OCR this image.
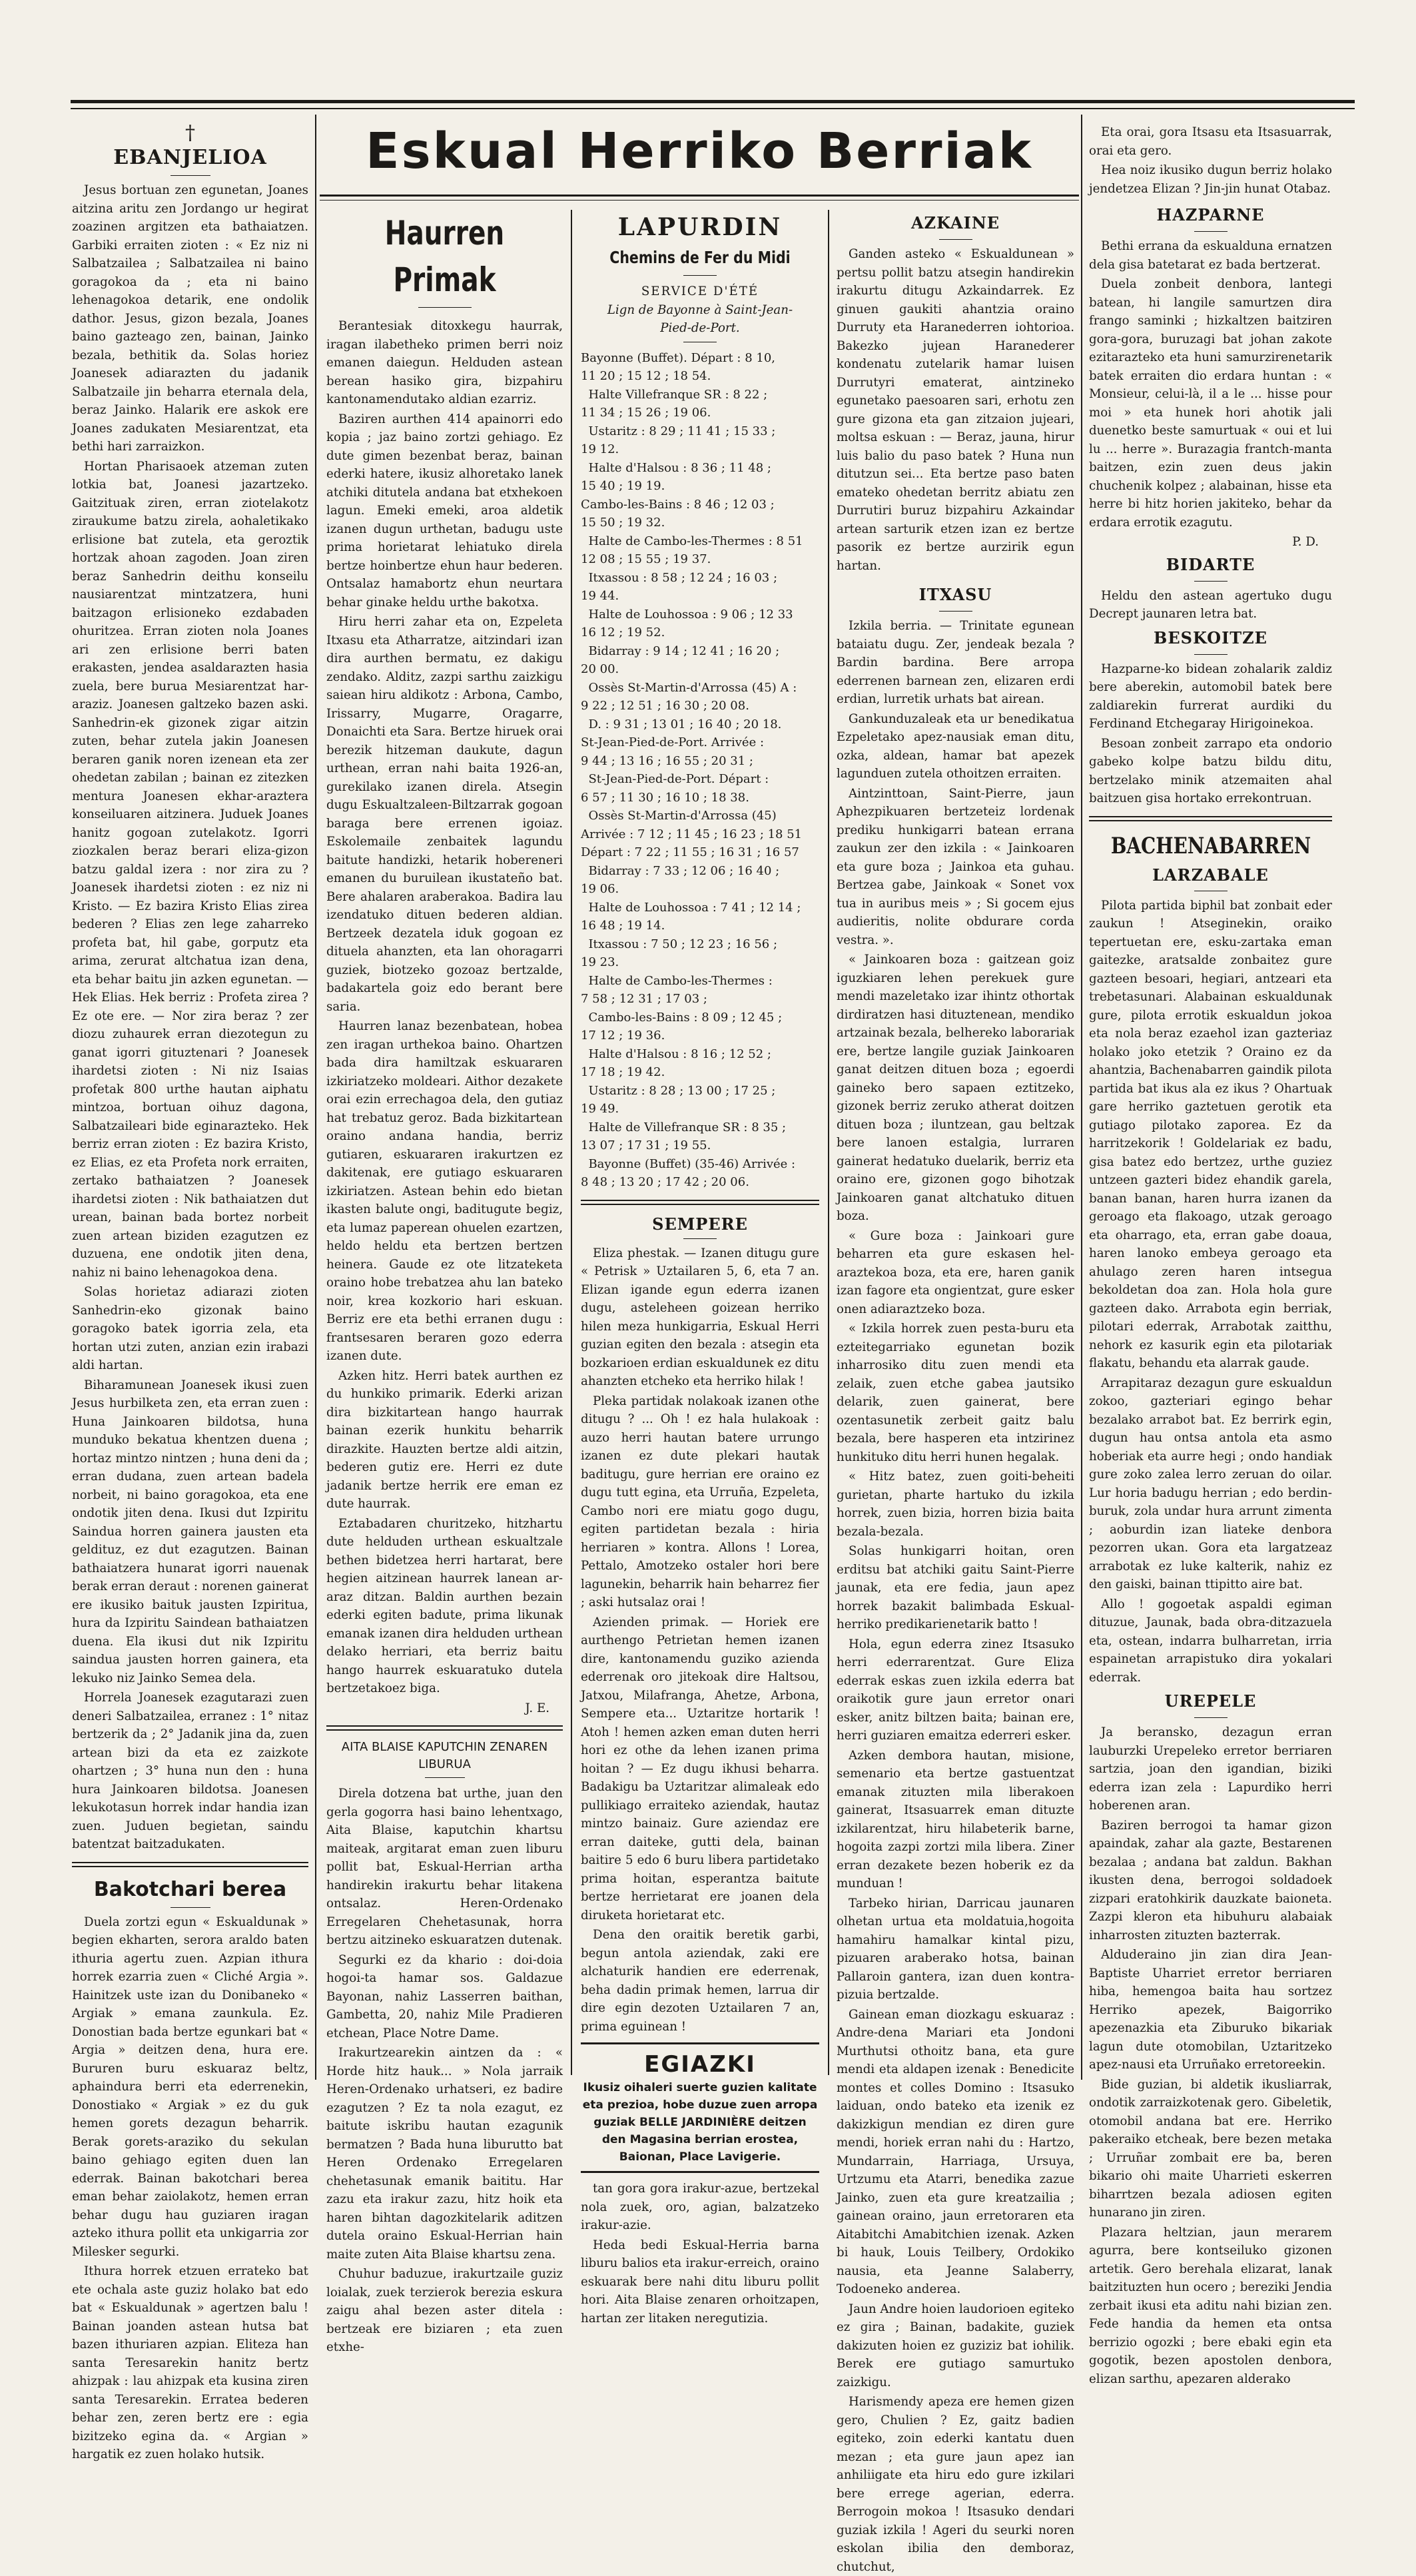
Eskual Herriko Berriak
†
EBANJELIOA

Jesus bortuan zen egunetan, Joanes aitzina aritu zen Jordango ur hegirat zoazinen argitzen eta bathaiatzen. Garbiki erraiten zioten : « Ez niz ni Salbatzailea ; Salbatzailea ni baino goragokoa da ; eta ni baino lehenagokoa detarik, ene ondolik dathor. Jesus, gizon bezala, Joanes baino gazteago zen, bainan, Jainko bezala, bethitik da. Solas horiez Joanesek adiarazten du jadanik Salbatzaile jin beharra eternala dela, beraz Jainko. Halarik ere askok ere Joanes zadukaten Mesiarentzat, eta bethi hari zarraizkon.

Hortan Pharisaoek atzeman zuten lotkia bat, Joanesi jazartzeko. Gaitzituak ziren, erran ziotelakotz ziraukume batzu zirela, aohaletikako erlisione bat zutela, eta geroztik hortzak ahoan zagoden. Joan ziren beraz Sanhedrin deithu konseilu nausiarentzat mintzatzera, huni baitzagon erlisioneko ezdabaden ohuritzea. Erran zioten nola Joanes ari zen erlisione berri baten erakasten, jendea asaldarazten hasia zuela, bere burua Mesiarentzat har-araziz. Joanesen galtzeko bazen aski. Sanhedrin-ek gizonek zigar aitzin zuten, behar zutela jakin Joanesen beraren ganik noren izenean eta zer ohedetan zabilan ; bainan ez zitezken mentura Joanesen ekhar-araztera konseiluaren aitzinera. Juduek Joanes hanitz gogoan zutelakotz. Igorri ziozkalen beraz berari eliza-gizon batzu galdal izera : nor zira zu ? Joanesek ihardetsi zioten : ez niz ni Kristo. — Ez bazira Kristo Elias zirea bederen ? Elias zen lege zaharreko profeta bat, hil gabe, gorputz eta arima, zerurat altchatua izan dena, eta behar baitu jin azken egunetan. — Hek Elias. Hek berriz : Profeta zirea ? Ez ote ere. — Nor zira beraz ? zer diozu zuhaurek erran diezotegun zu ganat igorri gituztenari ? Joanesek ihardetsi zioten : Ni niz Isaias profetak 800 urthe hautan aiphatu mintzoa, bortuan oihuz dagona, Salbatzaileari bide eginarazteko. Hek berriz erran zioten : Ez bazira Kristo, ez Elias, ez eta Profeta nork erraiten, zertako bathaiatzen ? Joanesek ihardetsi zioten : Nik bathaiatzen dut urean, bainan bada bortez norbeit zuen artean biziden ezagutzen ez duzuena, ene ondotik jiten dena, nahiz ni baino lehenagokoa dena.

Solas horietaz adiarazi zioten Sanhedrin-eko gizonak baino goragoko batek igorria zela, eta hortan utzi zuten, anzian ezin irabazi aldi hartan.

Biharamunean Joanesek ikusi zuen Jesus hurbilketa zen, eta erran zuen : Huna Jainkoaren bildotsa, huna munduko bekatua khentzen duena ; hortaz mintzo nintzen ; huna deni da ; erran dudana, zuen artean badela norbeit, ni baino goragokoa, eta ene ondotik jiten dena. Ikusi dut Izpiritu Saindua horren gainera jausten eta geldituz, ez dut ezagutzen. Bainan bathaiatzera hunarat igorri nauenak berak erran deraut : norenen gainerat ere ikusiko baituk jausten Izpiritua, hura da Izpiritu Saindean bathaiatzen duena. Ela ikusi dut nik Izpiritu saindua jausten horren gainera, eta lekuko niz Jainko Semea dela.

Horrela Joanesek ezagutarazi zuen deneri Salbatzailea, erranez : 1° nitaz bertzerik da ; 2° Jadanik jina da, zuen artean bizi da eta ez zaizkote ohartzen ; 3° huna nun den : huna hura Jainkoaren bildotsa. Joanesen lekukotasun horrek indar handia izan zuen. Juduen begietan, saindu batentzat baitzadukaten.

Bakotchari berea

Duela zortzi egun « Eskualdunak » begien ekharten, serora araldo baten ithuria agertu zuen. Azpian ithura horrek ezarria zuen « Cliché Argia ». Hainitzek uste izan du Donibaneko « Argiak » emana zaunkula. Ez. Donostian bada bertze egunkari bat « Argia » deitzen dena, hura ere. Bururen buru eskuaraz beltz, aphaindura berri eta ederrenekin, Donostiako « Argiak » ez du guk hemen gorets dezagun beharrik. Berak gorets-araziko du sekulan baino gehiago egiten duen lan ederrak. Bainan bakotchari berea eman behar zaiolakotz, hemen erran behar dugu hau guziaren iragan azteko ithura pollit eta unkigarria zor Milesker segurki.

Ithura horrek etzuen errateko bat ete ochala aste guziz holako bat edo bat « Eskualdunak » agertzen balu ! Bainan joanden astean hutsa bat bazen ithuriaren azpian. Eliteza han santa Teresarekin hanitz bertz ahizpak : lau ahizpak eta kusina ziren santa Teresarekin. Erratea bederen behar zen, zeren bertz ere : egia bizitzeko egina da. « Argian » hargatik ez zuen holako hutsik.

Haurren Primak

Berantesiak ditoxkegu haurrak, iragan ilabetheko primen berri noiz emanen daiegun. Helduden astean berean hasiko gira, bizpahiru kantonamendutako aldian ezarriz.

Baziren aurthen 414 apainorri edo kopia ; jaz baino zortzi gehiago. Ez dute gimen bezenbat beraz, bainan ederki hatere, ikusiz alhoretako lanek atchiki ditutela andana bat etxhekoen lagun. Emeki emeki, aroa aldetik izanen dugun urthetan, badugu uste prima horietarat lehiatuko direla bertze hoinbertze ehun haur bederen. Ontsalaz hamabortz ehun neurtara behar ginake heldu urthe bakotxa.

Hiru herri zahar eta on, Ezpeleta Itxasu eta Atharratze, aitzindari izan dira aurthen bermatu, ez dakigu zendako. Alditz, zazpi sarthu zaizkigu saiean hiru aldikotz : Arbona, Cambo, Irissarry, Mugarre, Oragarre, Donaichti eta Sara. Bertze hiruek orai berezik hitzeman daukute, dagun urthean, erran nahi baita 1926-an, gurekilako izanen direla. Atsegin dugu Eskualtzaleen-Biltzarrak gogoan baraga bere errenen igoiaz. Eskolemaile zenbaitek lagundu baitute handizki, hetarik hobereneri emanen du buruilean ikustateño bat. Bere ahalaren araberakoa. Badira lau izendatuko dituen bederen aldian. Bertzeek dezatela iduk gogoan ez dituela ahanzten, eta lan ohoragarri guziek, biotzeko gozoaz bertzalde, badakartela goiz edo berant bere saria.

Haurren lanaz bezenbatean, hobea zen iragan urthekoa baino. Ohartzen bada dira hamiltzak eskuararen izkiriatzeko moldeari. Aithor dezakete orai ezin errechagoa dela, den gutiaz hat trebatuz geroz. Bada bizkitartean oraino andana handia, berriz gutiaren, eskuararen irakurtzen ez dakitenak, ere gutiago eskuararen izkiriatzen. Astean behin edo bietan ikasten balute ongi, baditugute begiz, eta lumaz paperean ohuelen ezartzen, heldo heldu eta bertzen bertzen heinera. Gaude ez ote litzateketa oraino hobe trebatzea ahu lan bateko noir, krea kozkorio hari eskuan. Berriz ere eta bethi erranen dugu : frantsesaren beraren gozo ederra izanen dute.

Azken hitz. Herri batek aurthen ez du hunkiko primarik. Ederki arizan dira bizkitartean hango haurrak bainan ezerik hunkitu beharrik dirazkite. Hauzten bertze aldi aitzin, bederen gutiz ere. Herri ez dute jadanik bertze herrik ere eman ez dute haurrak.

Eztabadaren churitzeko, hitzhartu dute helduden urthean eskualtzale bethen bidetzea herri hartarat, bere hegien aitzinean haurrek lanean ar-araz ditzan. Baldin aurthen bezain ederki egiten badute, prima likunak emanak izanen dira helduden urthean delako herriari, eta berriz baitu hango haurrek eskuaratuko dutela bertzetakoez biga.

J. E.
AITA BLAISE KAPUTCHIN ZENAREN LIBURUA

Direla dotzena bat urthe, juan den gerla gogorra hasi baino lehentxago, Aita Blaise, kaputchin khartsu maiteak, argitarat eman zuen liburu pollit bat, Eskual-Herrian artha handirekin irakurtu behar litakena ontsalaz. Heren-Ordenako Erregelaren Chehetasunak, horra bertzu aitzineko eskuaratzen dutenak.

Segurki ez da khario : doi-doia hogoi-ta hamar sos. Galdazue Bayonan, nahiz Lasserren baithan, Gambetta, 20, nahiz Mile Pradieren etchean, Place Notre Dame.

Irakurtzearekin aintzen da : « Horde hitz hauk... » Nola jarraik Heren-Ordenako urhatseri, ez badire ezagutzen ? Ez ta nola ezagut, ez baitute iskribu hautan ezagunik bermatzen ? Bada huna liburutto bat Heren Ordenako Erregelaren chehetasunak emanik baititu. Har zazu eta irakur zazu, hitz hoik eta haren bihtan dagozkitelarik aditzen dutela oraino Eskual-Herrian hain maite zuten Aita Blaise khartsu zena.

Chuhur baduzue, irakurtzaile guziz loialak, zuek terzierok berezia eskura zaigu ahal bezen aster ditela : bertzeak ere biziaren ; eta zuen etxhe-

LAPURDIN
Chemins de Fer du Midi
SERVICE D'ÉTÉ
Lign de Bayonne à Saint-Jean-Pied-de-Port.
Bayonne (Buffet). Départ : 8 10,
11 20 ; 15 12 ; 18 54.
Halte Villefranque SR : 8 22 ;
11 34 ; 15 26 ; 19 06.
Ustaritz : 8 29 ; 11 41 ; 15 33 ;
19 12.
Halte d'Halsou : 8 36 ; 11 48 ;
15 40 ; 19 19.
Cambo-les-Bains : 8 46 ; 12 03 ;
15 50 ; 19 32.
Halte de Cambo-les-Thermes : 8 51
12 08 ; 15 55 ; 19 37.
Itxassou : 8 58 ; 12 24 ; 16 03 ;
19 44.
Halte de Louhossoa : 9 06 ; 12 33
16 12 ; 19 52.
Bidarray : 9 14 ; 12 41 ; 16 20 ;
20 00.
Ossès St-Martin-d'Arrossa (45) A :
9 22 ; 12 51 ; 16 30 ; 20 08.
D. : 9 31 ; 13 01 ; 16 40 ; 20 18.
St-Jean-Pied-de-Port. Arrivée :
9 44 ; 13 16 ; 16 55 ; 20 31 ;
St-Jean-Pied-de-Port. Départ :
6 57 ; 11 30 ; 16 10 ; 18 38.
Ossès St-Martin-d'Arrossa (45)
Arrivée : 7 12 ; 11 45 ; 16 23 ; 18 51
Départ : 7 22 ; 11 55 ; 16 31 ; 16 57
Bidarray : 7 33 ; 12 06 ; 16 40 ;
19 06.
Halte de Louhossoa : 7 41 ; 12 14 ;
16 48 ; 19 14.
Itxassou : 7 50 ; 12 23 ; 16 56 ;
19 23.
Halte de Cambo-les-Thermes :
7 58 ; 12 31 ; 17 03 ;
Cambo-les-Bains : 8 09 ; 12 45 ;
17 12 ; 19 36.
Halte d'Halsou : 8 16 ; 12 52 ;
17 18 ; 19 42.
Ustaritz : 8 28 ; 13 00 ; 17 25 ;
19 49.
Halte de Villefranque SR : 8 35 ;
13 07 ; 17 31 ; 19 55.
Bayonne (Buffet) (35-46) Arrivée :
8 48 ; 13 20 ; 17 42 ; 20 06.
SEMPERE

Eliza phestak. — Izanen ditugu gure « Petrisk » Uztailaren 5, 6, eta 7 an. Elizan igande egun ederra izanen dugu, asteleheen goizean herriko hilen meza hunkigarria, Eskual Herri guzian egiten den bezala : atsegin eta bozkarioen erdian eskualdunek ez ditu ahanzten etcheko eta herriko hilak !

Pleka partidak nolakoak izanen othe ditugu ? ... Oh ! ez hala hulakoak : auzo herri hautan batere urrungo izanen ez dute plekari hautak baditugu, gure herrian ere oraino ez dugu tutt egina, eta Urruña, Ezpeleta, Cambo nori ere miatu gogo dugu, egiten partidetan bezala : hiria herriaren » kontra. Allons ! Lorea, Pettalo, Amotzeko ostaler hori bere lagunekin, beharrik hain beharrez fier ; aski hutsalaz orai !

Azienden primak. — Horiek ere aurthengo Petrietan hemen izanen dire, kantonamendu guziko azienda ederrenak oro jitekoak dire Haltsou, Jatxou, Milafranga, Ahetze, Arbona, Sempere eta... Uztaritze hortarik ! Atoh ! hemen azken eman duten herri hori ez othe da lehen izanen prima hoitan ? — Ez dugu ikhusi beharra. Badakigu ba Uztaritzar alimaleak edo pullikiago erraiteko aziendak, hautaz mintzo bainaiz. Gure aziendaz ere erran daiteke, gutti dela, bainan baitire 5 edo 6 buru libera partidetako prima hoitan, esperantza baitute bertze herrietarat ere joanen dela diruketa horietarat etc.

Dena den oraitik beretik garbi, begun antola aziendak, zaki ere alchaturik handien ere ederrenak, beha dadin primak hemen, larrua dir dire egin dezoten Uztailaren 7 an, prima eguinean !

EGIAZKI
Ikusiz oihaleri suerte guzien kalitate eta prezioa, hobe duzue zuen arropa guziak BELLE JARDINIÈRE deitzen den Magasina berrian erostea, Baionan, Place Lavigerie.

tan gora gora irakur-azue, bertzekal nola zuek, oro, agian, balzatzeko irakur-azie.

Heda bedi Eskual-Herria barna liburu balios eta irakur-erreich, oraino eskuarak bere nahi ditu liburu pollit hori. Aita Blaise zenaren orhoitzapen, hartan zer litaken neregutizia.

AZKAINE

Ganden asteko « Eskualdunean » pertsu pollit batzu atsegin handirekin irakurtu ditugu Azkaindarrek. Ez ginuen gaukiti ahantzia oraino Durruty eta Haranederren iohtorioa. Bakezko jujean Haranederer kondenatu zutelarik hamar luisen Durrutyri ematerat, aintzineko egunetako paesoaren sari, erhotu zen gure gizona eta gan zitzaion jujeari, moltsa eskuan : — Beraz, jauna, hirur luis balio du paso batek ? Huna nun ditutzun sei... Eta bertze paso baten emateko ohedetan berritz abiatu zen Durrutiri buruz bizpahiru Azkaindar artean sarturik etzen izan ez bertze pasorik ez bertze aurzirik egun hartan.

ITXASU

Izkila berria. — Trinitate egunean bataiatu dugu. Zer, jendeak bezala ? Bardin bardina. Bere arropa ederrenen barnean zen, elizaren erdi erdian, lurretik urhats bat airean.

Gankunduzaleak eta ur benedikatua Ezpeletako apez-nausiak eman ditu, ozka, aldean, hamar bat apezek lagunduen zutela othoitzen erraiten.

Aintzinttoan, Saint-Pierre, jaun Aphezpikuaren bertzeteiz lordenak prediku hunkigarri batean errana zaukun zer den izkila : « Jainkoaren eta gure boza ; Jainkoa eta guhau. Bertzea gabe, Jainkoak « Sonet vox tua in auribus meis » ; Si gocem ejus audieritis, nolite obdurare corda vestra. ».

« Jainkoaren boza : gaitzean goiz iguzkiaren lehen perekuek gure mendi mazeletako izar ihintz othortak dirdiratzen hasi dituztenean, mendiko artzainak bezala, belhereko laborariak ere, bertze langile guziak Jainkoaren ganat deitzen dituen boza ; egoerdi gaineko bero sapaen eztitzeko, gizonek berriz zeruko atherat doitzen dituen boza ; iluntzean, gau beltzak bere lanoen estalgia, lurraren gainerat hedatuko duelarik, berriz eta oraino ere, gizonen gogo bihotzak Jainkoaren ganat altchatuko dituen boza.

« Gure boza : Jainkoari gure beharren eta gure eskasen hel-araztekoa boza, eta ere, haren ganik izan fagore eta ongientzat, gure esker onen adiaraztzeko boza.

« Izkila horrek zuen pesta-buru eta ezteitegarriako egunetan bozik inharrosiko ditu zuen mendi eta zelaik, zuen etche gabea jautsiko delarik, zuen gainerat, bere ozentasunetik zerbeit gaitz balu bezala, bere hasperen eta intzirinez hunkituko ditu herri hunen hegalak.

« Hitz batez, zuen goiti-beheiti gurietan, pharte hartuko du izkila horrek, zuen bizia, horren bizia baita bezala-bezala.

Solas hunkigarri hoitan, oren erditsu bat atchiki gaitu Saint-Pierre jaunak, eta ere fedia, jaun apez horrek bazakit balimbada Eskual-herriko predikarienetarik batto !

Hola, egun ederra zinez Itsasuko herri ederrarentzat. Gure Eliza ederrak eskas zuen izkila ederra bat oraikotik gure jaun erretor onari esker, anitz biltzen baita; bainan ere, herri guziaren emaitza ederreri esker.

Azken dembora hautan, misione, semenario eta bertze gastuentzat emanak zituzten mila liberakoen gainerat, Itsasuarrek eman dituzte izkilarentzat, hiru hilabeterik barne, hogoita zazpi zortzi mila libera. Ziner erran dezakete bezen hoberik ez da munduan !

Tarbeko hirian, Darricau jaunaren olhetan urtua eta moldatuia,hogoita hamahiru hamalkar kintal pizu, pizuaren araberako hotsa, bainan Pallaroin gantera, izan duen kontra-pizuia bertzalde.

Gainean eman diozkagu eskuaraz : Andre-dena Mariari eta Jondoni Murthutsi othoitz bana, eta gure mendi eta aldapen izenak : Benedicite montes et colles Domino : Itsasuko laiduan, ondo bateko eta izenik ez dakizkigun mendian ez diren gure mendi, horiek erran nahi du : Hartzo, Mundarrain, Harriaga, Ursuya, Urtzumu eta Atarri, benedika zazue Jainko, zuen eta gure kreatzailia ; gainean oraino, jaun erretoraren eta Aitabitchi Amabitchien izenak. Azken bi hauk, Louis Teilbery, Ordokiko nausia, eta Jeanne Salaberry, Todoeneko anderea.

Jaun Andre hoien laudorioen egiteko ez gira ; Bainan, badakite, guziek dakizuten hoien ez guziziz bat iohilik. Berek ere gutiago samurtuko zaizkigu.

Harismendy apeza ere hemen gizen gero, Chulien ? Ez, gaitz badien egiteko, zoin ederki kantatu duen mezan ; eta gure jaun apez ian anhiliigate eta hiru edo gure izkilari bere errege agerian, ederra. Berrogoin mokoa ! Itsasuko dendari guziak izkila ! Ageri du seurki noren eskolan ibilia den demboraz, chutchut,

Eta orai, gora Itsasu eta Itsasuarrak, orai eta gero.

Hea noiz ikusiko dugun berriz holako jendetzea Elizan ? Jin-jin hunat Otabaz.

HAZPARNE

Bethi errana da eskualduna ernatzen dela gisa batetarat ez bada bertzerat.

Duela zonbeit denbora, lantegi batean, hi langile samurtzen dira frango saminki ; hizkaltzen baitziren gora-gora, buruzagi bat johan zakote ezitarazteko eta huni samurzirenetarik batek erraiten dio erdara huntan : « Monsieur, celui-là, il a le ... hisse pour moi » eta hunek hori ahotik jali duenetko beste samurtuak « oui et lui lu ... herre ». Burazagia frantch-manta baitzen, ezin zuen deus jakin chuchenik kolpez ; alabainan, hisse eta herre bi hitz horien jakiteko, behar da erdara errotik ezagutu.

P. D.
BIDARTE

Heldu den astean agertuko dugu Decrept jaunaren letra bat.

BESKOITZE

Hazparne-ko bidean zohalarik zaldiz bere aberekin, automobil batek bere zaldiarekin furrerat aurdiki du Ferdinand Etchegaray Hirigoinekoa.

Besoan zonbeit zarrapo eta ondorio gabeko kolpe batzu bildu ditu, bertzelako minik atzemaiten ahal baitzuen gisa hortako errekontruan.

BACHENABARREN
LARZABALE

Pilota partida biphil bat zonbait eder zaukun ! Atseginekin, oraiko tepertuetan ere, esku-zartaka eman gaitezke, aratsalde zonbaitez gure gazteen besoari, hegiari, antzeari eta trebetasunari. Alabainan eskualdunak gure, pilota errotik eskualdun jokoa eta nola beraz ezaehol izan gazteriaz holako joko etetzik ? Oraino ez da ahantzia, Bachenabarren gaindik pilota partida bat ikus ala ez ikus ? Ohartuak gare herriko gaztetuen gerotik eta gutiago pilotako zaporea. Ez da harritzekorik ! Goldelariak ez badu, gisa batez edo bertzez, urthe guziez untzeen gazteri bidez ehandik garela, banan banan, haren hurra izanen da geroago eta flakoago, utzak geroago eta oharrago, eta, erran gabe doaua, haren lanoko embeya geroago eta ahulago zeren haren intsegua bekoldetan doa zan. Hola hola gure gazteen dako. Arrabota egin berriak, pilotari ederrak, Arrabotak zaitthu, nehork ez kasurik egin eta pilotariak flakatu, behandu eta alarrak gaude.

Arrapitaraz dezagun gure eskualdun zokoo, gazteriari egingo behar bezalako arrabot bat. Ez berrirk egin, dugun hau ontsa antola eta asmo hoberiak eta aurre hegi ; ondo handiak gure zoko zalea lerro zeruan do oilar. Lur horia badugu herrian ; edo berdin-buruk, zola undar hura arrunt zimenta ; aoburdin izan liateke denbora pezorren ukan. Gora eta largatzeaz arrabotak ez luke kalterik, nahiz ez den gaiski, bainan ttipitto aire bat.

Allo ! gogoetak aspaldi egiman dituzue, Jaunak, bada obra-ditzazuela eta, ostean, indarra bulharretan, irria espainetan arrapistuko dira yokalari ederrak.

UREPELE

Ja beransko, dezagun erran lauburzki Urepeleko erretor berriaren sartzia, joan den igandian, biziki ederra izan zela : Lapurdiko herri hoberenen aran.

Baziren berrogoi ta hamar gizon apaindak, zahar ala gazte, Bestarenen bezalaa ; andana bat zaldun. Bakhan ikusten dena, berrogoi soldadoek zizpari eratohkirik dauzkate baioneta. Zazpi kleron eta hibuhuru alabaiak inharrosten zituzten bazterrak.

Alduderaino jin zian dira Jean-Baptiste Uharriet erretor berriaren hiba, hemengoa baita hau sortzez Herriko apezek, Baigorriko apezenazkia eta Ziburuko bikariak lagun dute otomobilan, Uztaritzeko apez-nausi eta Urruñako erretoreekin.

Bide guzian, bi aldetik ikusliarrak, ondotik zarraizkotenak gero. Gibeletik, otomobil andana bat ere. Herriko pakeraiko etcheak, bere bezen metaka ; Urruñar zombait ere ba, beren bikario ohi maite Uharrieti eskerren biharrtzen bezala adiosen egiten hunarano jin ziren.

Plazara heltzian, jaun merarem agurra, bere kontseiluko gizonen artetik. Gero berehala elizarat, lanak baitzituzten hun ocero ; bereziki Jendia zerbait ikusi eta aditu nahi bizian zen. Fede handia da hemen eta ontsa berrizio ogozki ; bere ebaki egin eta gogotik, bezen apostolen denbora, elizan sarthu, apezaren alderako
